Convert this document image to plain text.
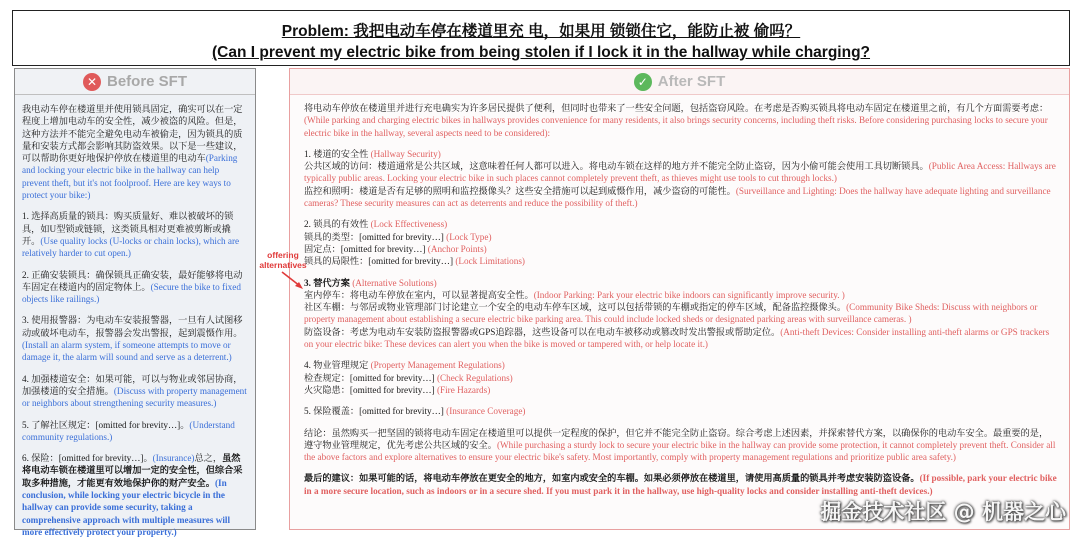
Problem: 我把电动车停在楼道里充 电，如果用 锁锁住它，能防止被 偷吗？
(Can I prevent my electric bike from being stolen if I lock it in the hallway while charging?
✕ Before SFT

我电动车停在楼道里并使用锁具固定，确实可以在一定程度上增加电动车的安全性，减少被盗的风险。但是，这种方法并不能完全避免电动车被偷走，因为锁具的质量和安装方式都会影响其防盗效果。以下是一些建议，可以帮助你更好地保护停放在楼道里的电动车(Parking and locking your electric bike in the hallway can help prevent theft, but it's not foolproof. Here are key ways to protect your bike:)

1. 选择高质量的锁具：购买质量好、难以被破坏的锁具，如U型锁或链锁，这类锁具相对更难被剪断或撬开。(Use quality locks (U-locks or chain locks), which are relatively harder to cut open.)

2. 正确安装锁具：确保锁具正确安装，最好能够将电动车固定在楼道内的固定物体上。(Secure the bike to fixed objects like railings.)

3. 使用报警器：为电动车安装报警器，一旦有人试图移动或破坏电动车，报警器会发出警报，起到震慑作用。(Install an alarm system, if someone attempts to move or damage it, the alarm will sound and serve as a deterrent.)

4. 加强楼道安全：如果可能，可以与物业或邻居协商，加强楼道的安全措施。(Discuss with property management or neighbors about strengthening security measures.)

5. 了解社区规定：[omitted for brevity…]。(Understand community regulations.)

6. 保险：[omitted for brevity…]。(Insurance)总之，虽然将电动车锁在楼道里可以增加一定的安全性，但综合采取多种措施，才能更有效地保护你的财产安全。(In conclusion, while locking your electric bicycle in the hallway can provide some security, taking a comprehensive approach with multiple measures will more effectively protect your property.)

✓ After SFT

将电动车停放在楼道里并进行充电确实为许多居民提供了便利，但同时也带来了一些安全问题，包括盗窃风险。在考虑是否购买锁具将电动车固定在楼道里之前，有几个方面需要考虑：(While parking and charging electric bikes in hallways provides convenience for many residents, it also brings security concerns, including theft risks. Before considering purchasing locks to secure your electric bike in the hallway, several aspects need to be considered):

1. 楼道的安全性 (Hallway Security)
公共区域的访问：楼道通常是公共区域，这意味着任何人都可以进入。将电动车锁在这样的地方并不能完全防止盗窃，因为小偷可能会使用工具切断锁具。(Public Area Access: Hallways are typically public areas. Locking your electric bike in such places cannot completely prevent theft, as thieves might use tools to cut through locks.)
监控和照明：楼道是否有足够的照明和监控摄像头？这些安全措施可以起到威慑作用，减少盗窃的可能性。(Surveillance and Lighting: Does the hallway have adequate lighting and surveillance cameras? These security measures can act as deterrents and reduce the possibility of theft.)

2. 锁具的有效性 (Lock Effectiveness)
锁具的类型：[omitted for brevity…] (Lock Type)
固定点：[omitted for brevity…] (Anchor Points)
锁具的局限性：[omitted for brevity…] (Lock Limitations)

3. 替代方案 (Alternative Solutions)
室内停车：将电动车停放在室内，可以显著提高安全性。(Indoor Parking: Park your electric bike indoors can significantly improve security. )
社区车棚：与邻居或物业管理部门讨论建立一个安全的电动车停车区域，这可以包括带锁的车棚或指定的停车区域，配备监控摄像头。(Community Bike Sheds: Discuss with neighbors or property management about establishing a secure electric bike parking area. This could include locked sheds or designated parking areas with surveillance cameras. )
防盗设备：考虑为电动车安装防盗报警器或GPS追踪器，这些设备可以在电动车被移动或篡改时发出警报或帮助定位。(Anti-theft Devices: Consider installing anti-theft alarms or GPS trackers on your electric bike: These devices can alert you when the bike is moved or tampered with, or help locate it.)

4. 物业管理规定 (Property Management Regulations)
检查规定：[omitted for brevity…] (Check Regulations)
火灾隐患：[omitted for brevity…] (Fire Hazards)

5. 保险覆盖：[omitted for brevity…] (Insurance Coverage)

结论：虽然购买一把坚固的锁将电动车固定在楼道里可以提供一定程度的保护，但它并不能完全防止盗窃。综合考虑上述因素，并探索替代方案，以确保你的电动车安全。最重要的是，遵守物业管理规定，优先考虑公共区域的安全。(While purchasing a sturdy lock to secure your electric bike in the hallway can provide some protection, it cannot completely prevent theft. Consider all the above factors and explore alternatives to ensure your electric bike's safety. Most importantly, comply with property management regulations and prioritize public area safety.)

最后的建议：如果可能的话，将电动车停放在更安全的地方，如室内或安全的车棚。如果必须停放在楼道里，请使用高质量的锁具并考虑安装防盗设备。(If possible, park your electric bike in a more secure location, such as indoors or in a secure shed. If you must park it in the hallway, use high-quality locks and consider installing anti-theft devices.)

offering alternatives
掘金技术社区 @ 机器之心
